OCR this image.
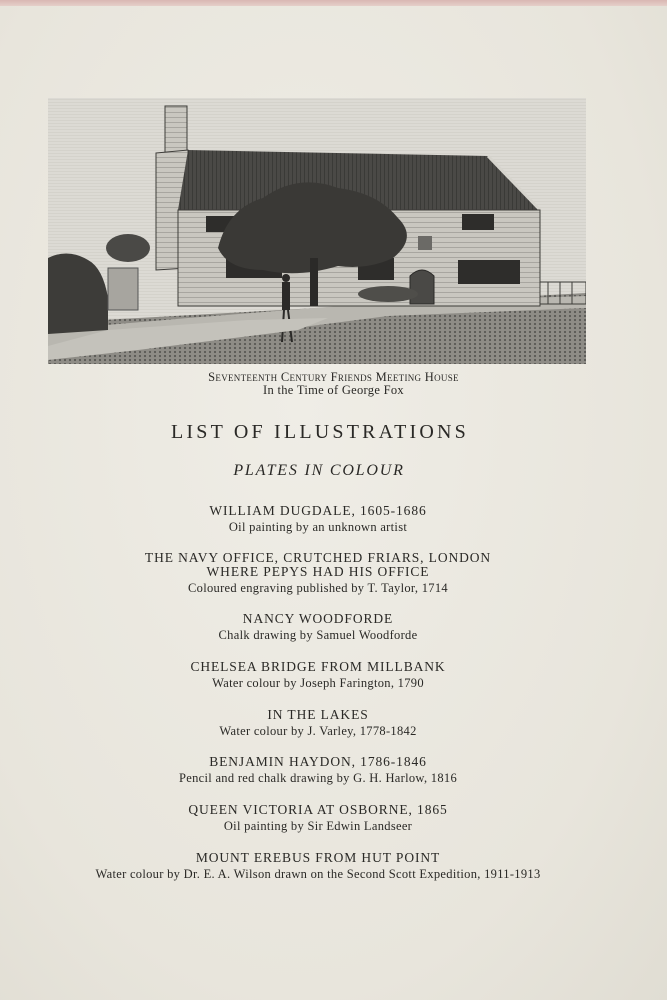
Seventeenth Century Friends Meeting House
In the Time of George Fox
LIST OF ILLUSTRATIONS
PLATES IN COLOUR
WILLIAM DUGDALE, 1605-1686
Oil painting by an unknown artist
THE NAVY OFFICE, CRUTCHED FRIARS, LONDON
WHERE PEPYS HAD HIS OFFICE
Coloured engraving published by T. Taylor, 1714
NANCY WOODFORDE
Chalk drawing by Samuel Woodforde
CHELSEA BRIDGE FROM MILLBANK
Water colour by Joseph Farington, 1790
IN THE LAKES
Water colour by J. Varley, 1778-1842
BENJAMIN HAYDON, 1786-1846
Pencil and red chalk drawing by G. H. Harlow, 1816
QUEEN VICTORIA AT OSBORNE, 1865
Oil painting by Sir Edwin Landseer
MOUNT EREBUS FROM HUT POINT
Water colour by Dr. E. A. Wilson drawn on the Second Scott Expedition, 1911-1913
